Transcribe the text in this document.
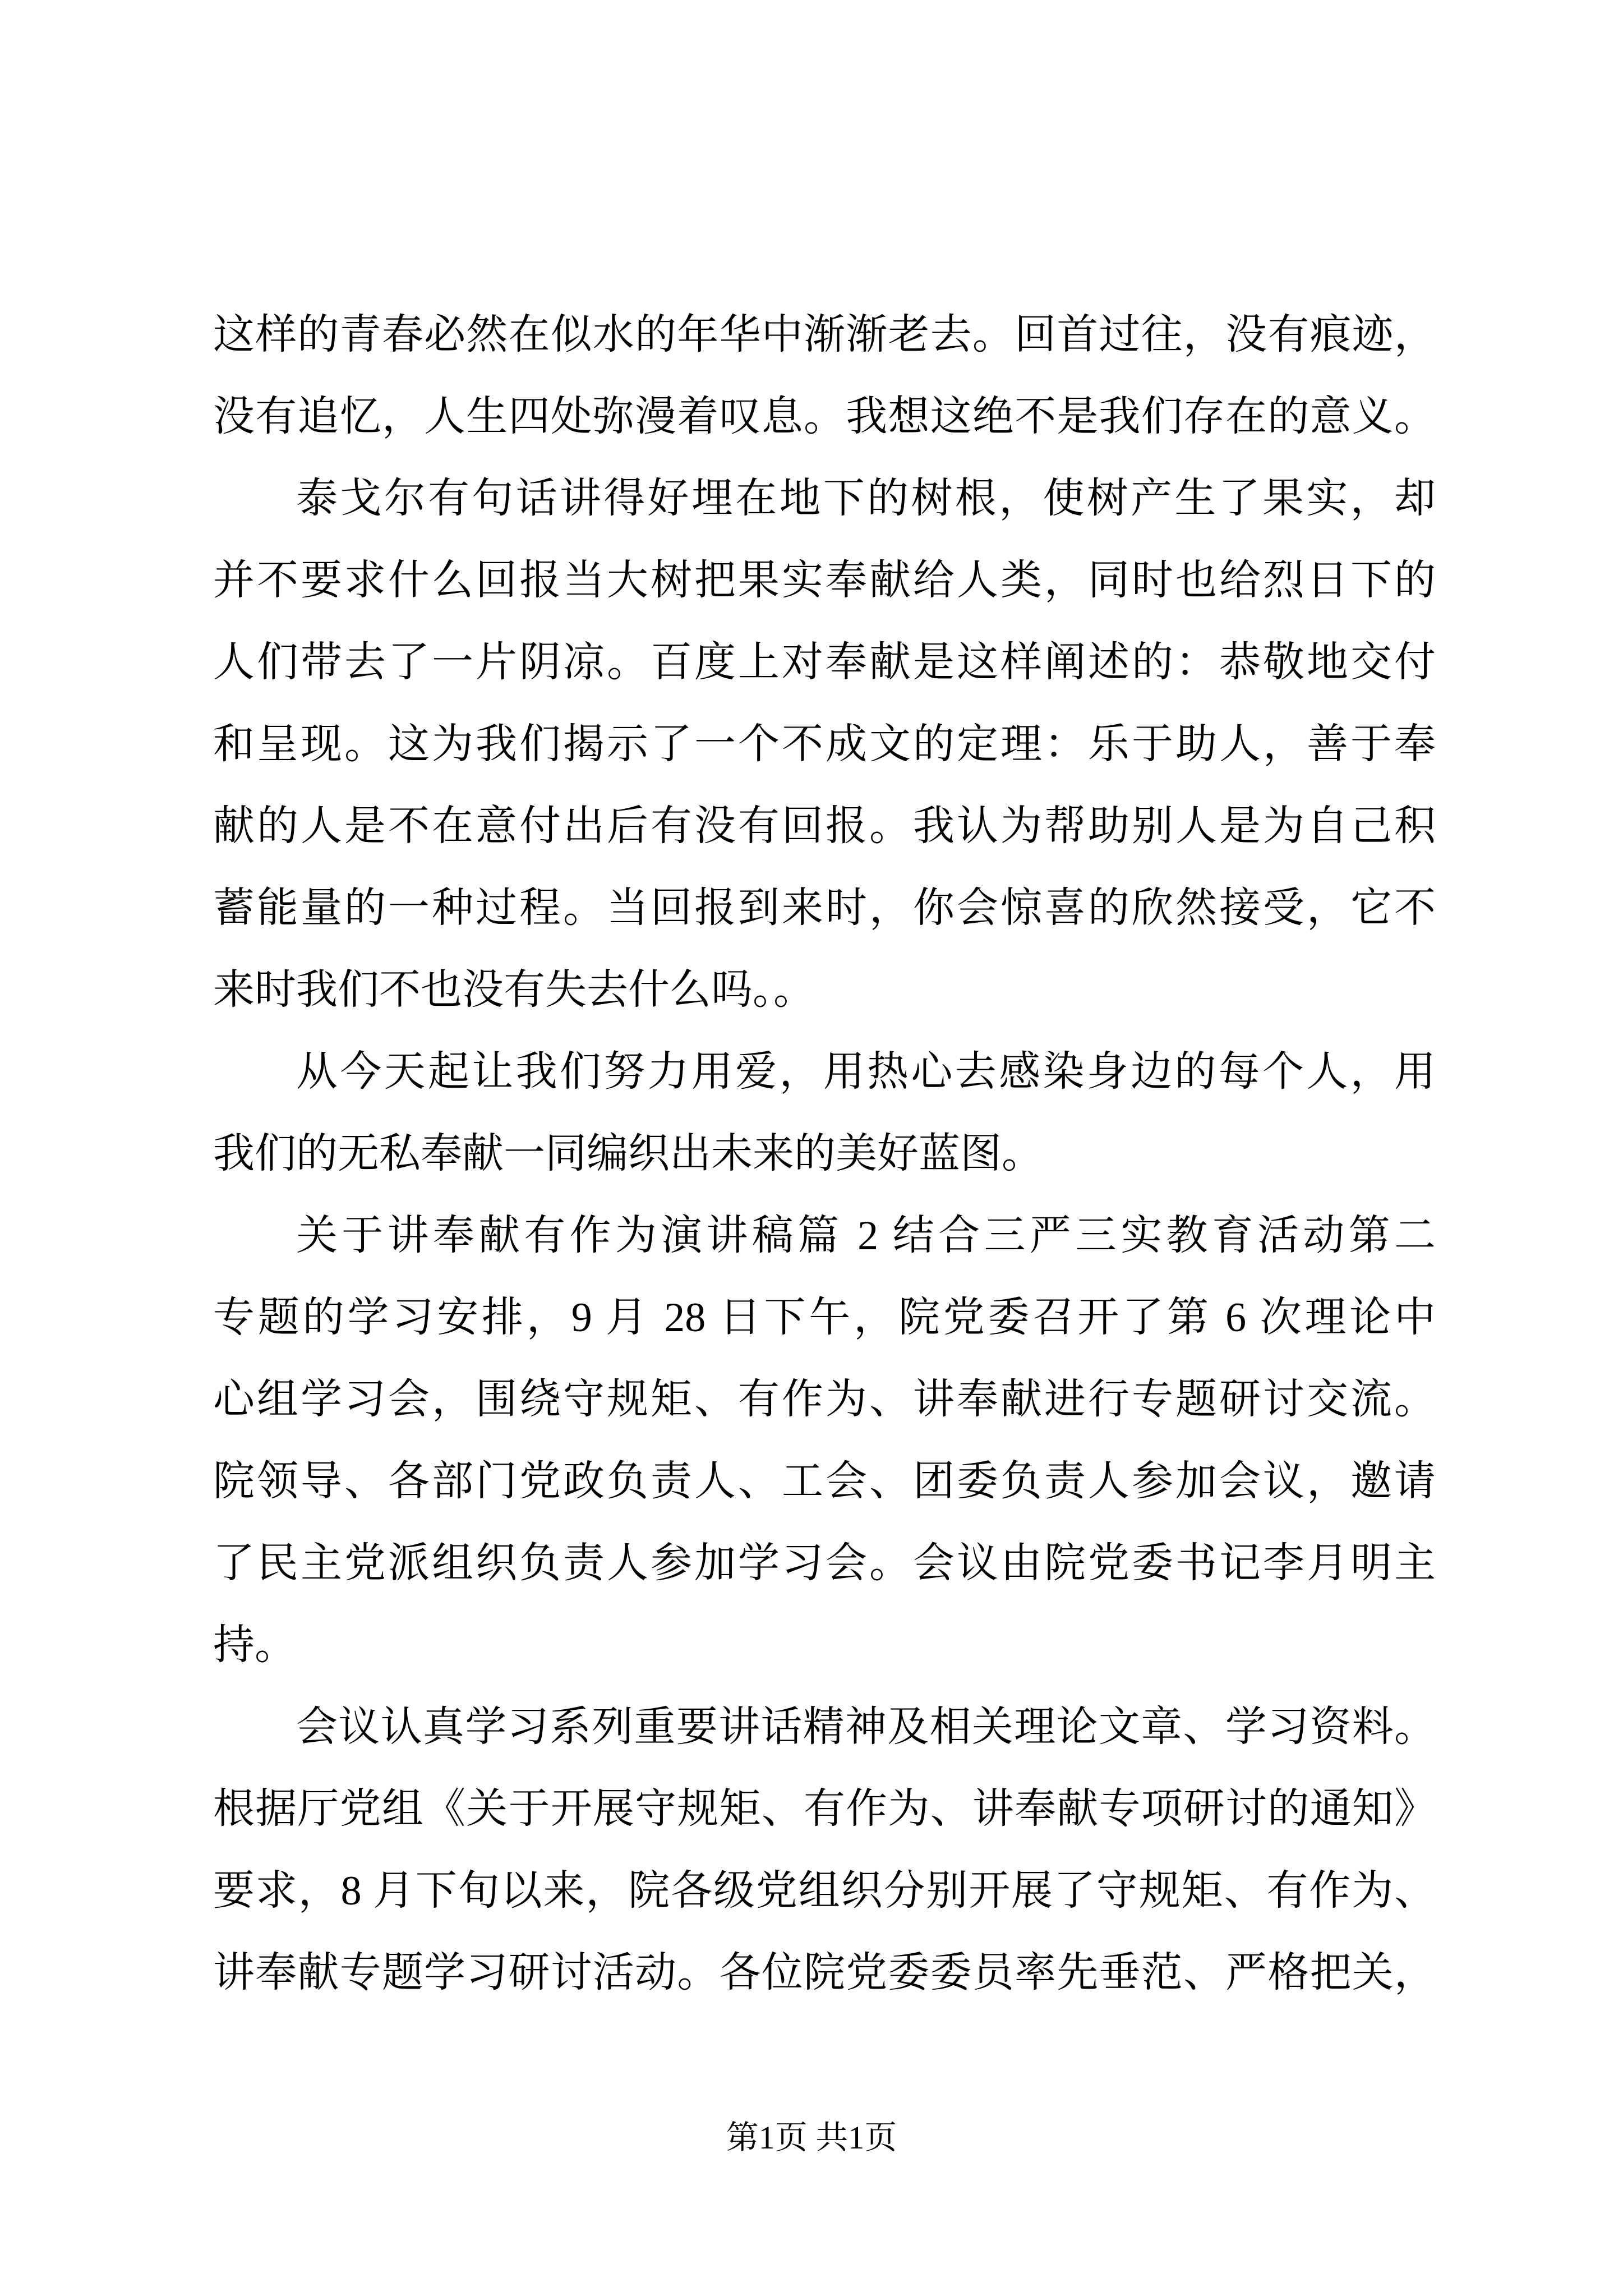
这样的青春必然在似水的年华中渐渐老去。回首过往，没有痕迹，
没有追忆，人生四处弥漫着叹息。我想这绝不是我们存在的意义。
泰戈尔有句话讲得好埋在地下的树根，使树产生了果实，却
并不要求什么回报当大树把果实奉献给人类，同时也给烈日下的
人们带去了一片阴凉。百度上对奉献是这样阐述的：恭敬地交付
和呈现。这为我们揭示了一个不成文的定理：乐于助人，善于奉
献的人是不在意付出后有没有回报。我认为帮助别人是为自己积
蓄能量的一种过程。当回报到来时，你会惊喜的欣然接受，它不
来时我们不也没有失去什么吗。。
从今天起让我们努力用爱，用热心去感染身边的每个人，用
我们的无私奉献一同编织出未来的美好蓝图。
关于讲奉献有作为演讲稿篇 2 结合三严三实教育活动第二
专题的学习安排，9 月 28 日下午，院党委召开了第 6 次理论中
心组学习会，围绕守规矩、有作为、讲奉献进行专题研讨交流。
院领导、各部门党政负责人、工会、团委负责人参加会议，邀请
了民主党派组织负责人参加学习会。会议由院党委书记李月明主
持。
会议认真学习系列重要讲话精神及相关理论文章、学习资料。
根据厅党组《关于开展守规矩、有作为、讲奉献专项研讨的通知》
要求，8 月下旬以来，院各级党组织分别开展了守规矩、有作为、
讲奉献专题学习研讨活动。各位院党委委员率先垂范、严格把关，
第1页 共1页
